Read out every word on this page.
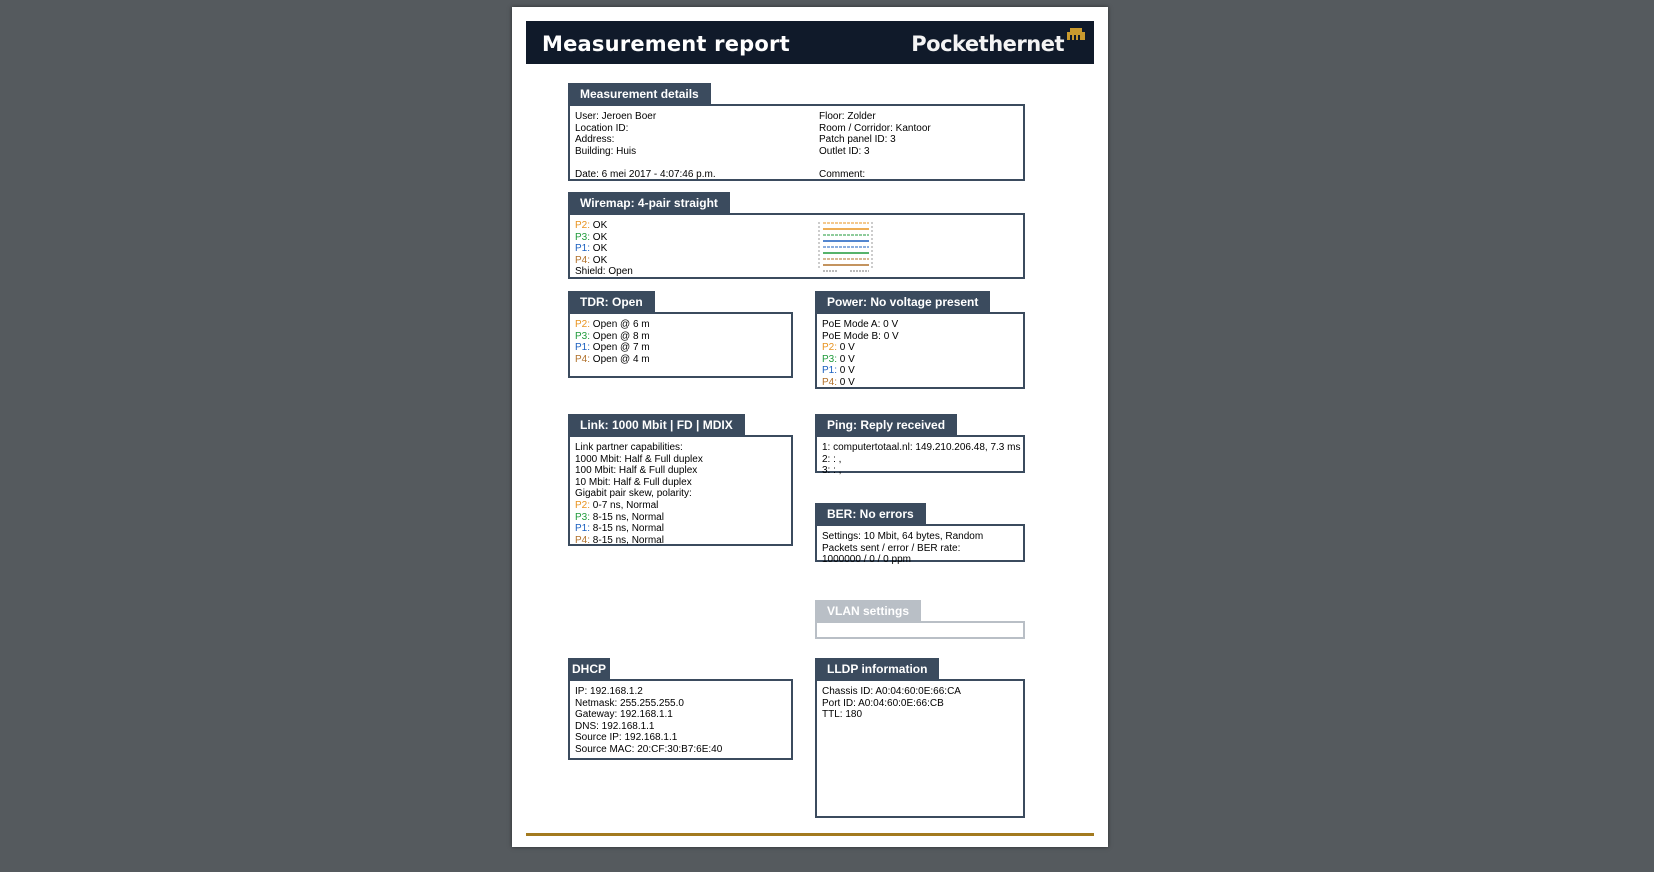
Measurement report	Pockethernet
Measurement details
User: Jeroen Boer
Location ID:
Address:
Building: Huis
Date: 6 mei 2017 - 4:07:46 p.m.
Floor: Zolder
Room / Corridor: Kantoor
Patch panel ID: 3
Outlet ID: 3
Comment:
Wiremap: 4-pair straight
P2: OK
P3: OK
P1: OK
P4: OK
Shield: Open
TDR: Open
P2: Open @ 6 m
P3: Open @ 8 m
P1: Open @ 7 m
P4: Open @ 4 m
Power: No voltage present
PoE Mode A: 0 V
PoE Mode B: 0 V
P2: 0 V
P3: 0 V
P1: 0 V
P4: 0 V
Link: 1000 Mbit | FD | MDIX
Link partner capabilities:
1000 Mbit: Half & Full duplex
100 Mbit: Half & Full duplex
10 Mbit: Half & Full duplex
Gigabit pair skew, polarity:
P2: 0-7 ns, Normal
P3: 8-15 ns, Normal
P1: 8-15 ns, Normal
P4: 8-15 ns, Normal
Ping: Reply received
1: computertotaal.nl: 149.210.206.48, 7.3 ms
2: : ,
3: : ,
BER: No errors
Settings: 10 Mbit, 64 bytes, Random
Packets sent / error / BER rate:
1000000 / 0 / 0 ppm
VLAN settings
DHCP
IP: 192.168.1.2
Netmask: 255.255.255.0
Gateway: 192.168.1.1
DNS: 192.168.1.1
Source IP: 192.168.1.1
Source MAC: 20:CF:30:B7:6E:40
LLDP information
Chassis ID: A0:04:60:0E:66:CA
Port ID: A0:04:60:0E:66:CB
TTL: 180
